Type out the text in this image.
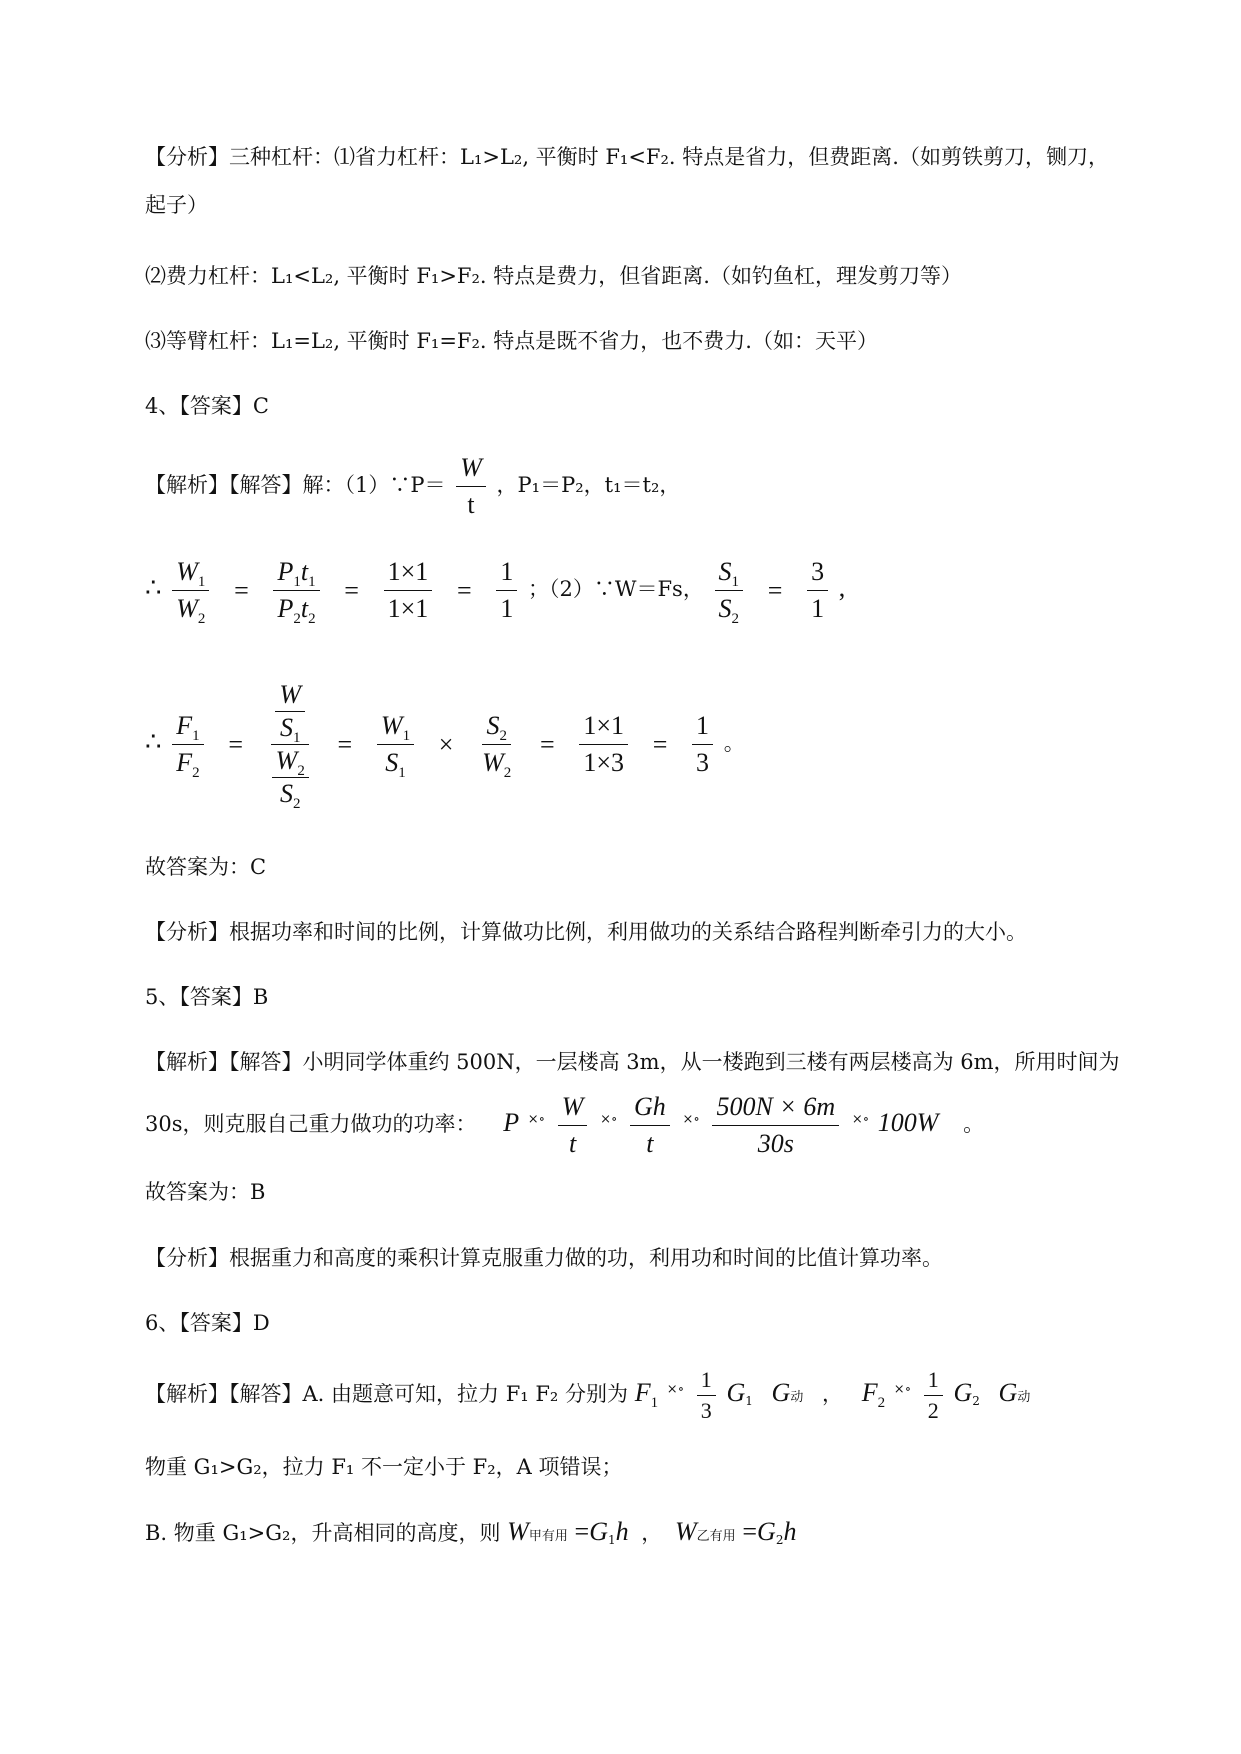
【分析】三种杠杆：⑴省力杠杆：L₁>L₂, 平衡时 F₁<F₂. 特点是省力，但费距离.（如剪铁剪刀，铡刀，
起子）
⑵费力杠杆：L₁<L₂, 平衡时 F₁>F₂. 特点是费力，但省距离.（如钓鱼杠，理发剪刀等）
⑶等臂杠杆：L₁=L₂, 平衡时 F₁=F₂. 特点是既不省力，也不费力.（如：天平）
4、【答案】C
【解析】【解答】解：（1）∵P＝ $\frac{W}{t}$ ，P₁＝P₂，t₁＝t₂，
∴ $\frac{W_1}{W_2} = \frac{P_1t_1}{P_2t_2} = \frac{1\times 1}{1\times 1} = \frac{1}{1}$ ；（2）∵W＝Fs， $\frac{S_1}{S_2} = \frac{3}{1}$ ,
∴ $\frac{F_1}{F_2} = \frac{\frac{W}{S_1}}{\frac{W_2}{S_2}} = \frac{W_1}{S_1} \times \frac{S_2}{W_2} = \frac{1\times 1}{1\times 3} = \frac{1}{3}$ 。
故答案为：C
【分析】根据功率和时间的比例，计算做功比例，利用做功的关系结合路程判断牵引力的大小。
5、【答案】B
【解析】【解答】小明同学体重约 500N，一层楼高 3m，从一楼跑到三楼有两层楼高为 6m，所用时间为
30s，则克服自己重力做功的功率： P $^{\times\circ} \frac{W}{t} ^{\times\circ} \frac{Gh}{t} ^{\times\circ} \frac{500N \times 6m}{30s} ^{\times\circ}$ 100W 。
故答案为：B
【分析】根据重力和高度的乘积计算克服重力做的功，利用功和时间的比值计算功率。
6、【答案】D
【解析】【解答】A. 由题意可知，拉力 F₁ F₂ 分别为 $F_1$ $^{\times\circ} \frac{1}{3} G_1$ G动 ， $F_2$ $^{\times\circ} \frac{1}{2} G_2$ G动
物重 G₁>G₂，拉力 F₁ 不一定小于 F₂，A 项错误；
B. 物重 G₁>G₂，升高相同的高度，则 W甲有用 $=G_1h$ ， W乙有用 $=G_2h$
